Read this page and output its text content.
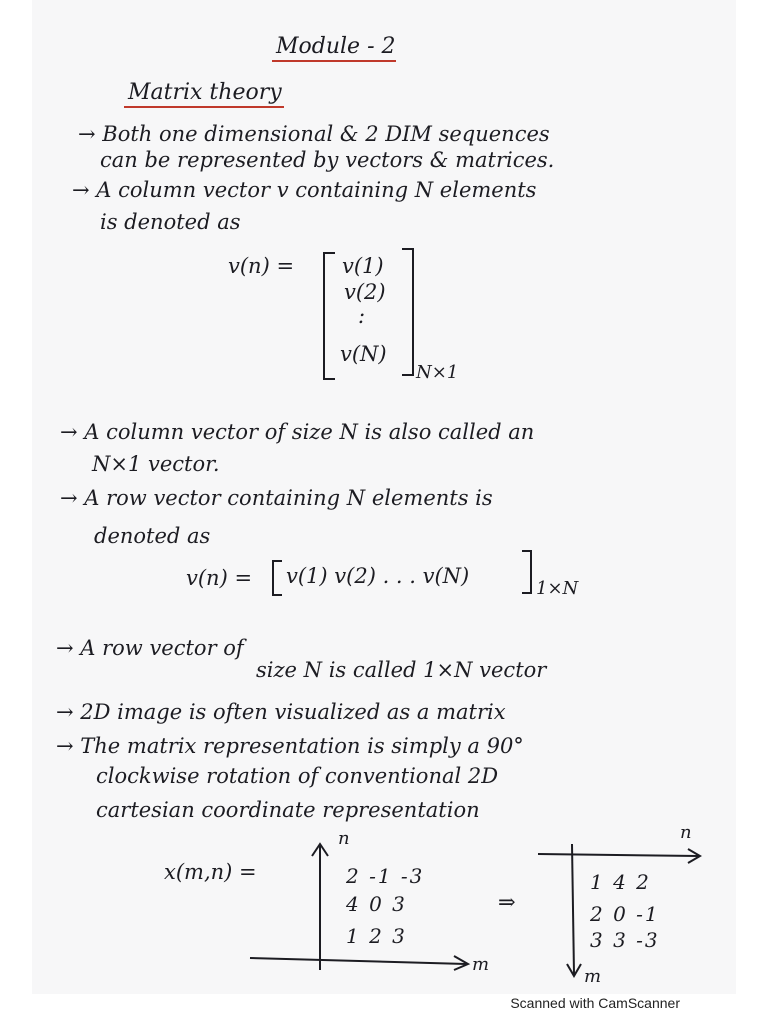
Module - 2
Matrix theory
→ Both one dimensional & 2 DIM sequences
can be represented by vectors & matrices.
→ A column vector v containing N elements
is denoted as
v(n) = v(1)
v(2)
:
v(N)
N×1
→ A column vector of size N is also called an
N×1 vector.
→ A row vector containing N elements is
denoted as
v(n) = v(1) v(2) . . . v(N)
1×N
→ A row vector of
size N is called 1×N vector
→ 2D image is often visualized as a matrix
→ The matrix representation is simply a 90°
clockwise rotation of conventional 2D
cartesian coordinate representation
x(m,n) =
n
m
2 -1 -3
4 0 3
1 2 3
⇒
n
m
1 4 2
2 0 -1
3 3 -3
Scanned with CamScanner
